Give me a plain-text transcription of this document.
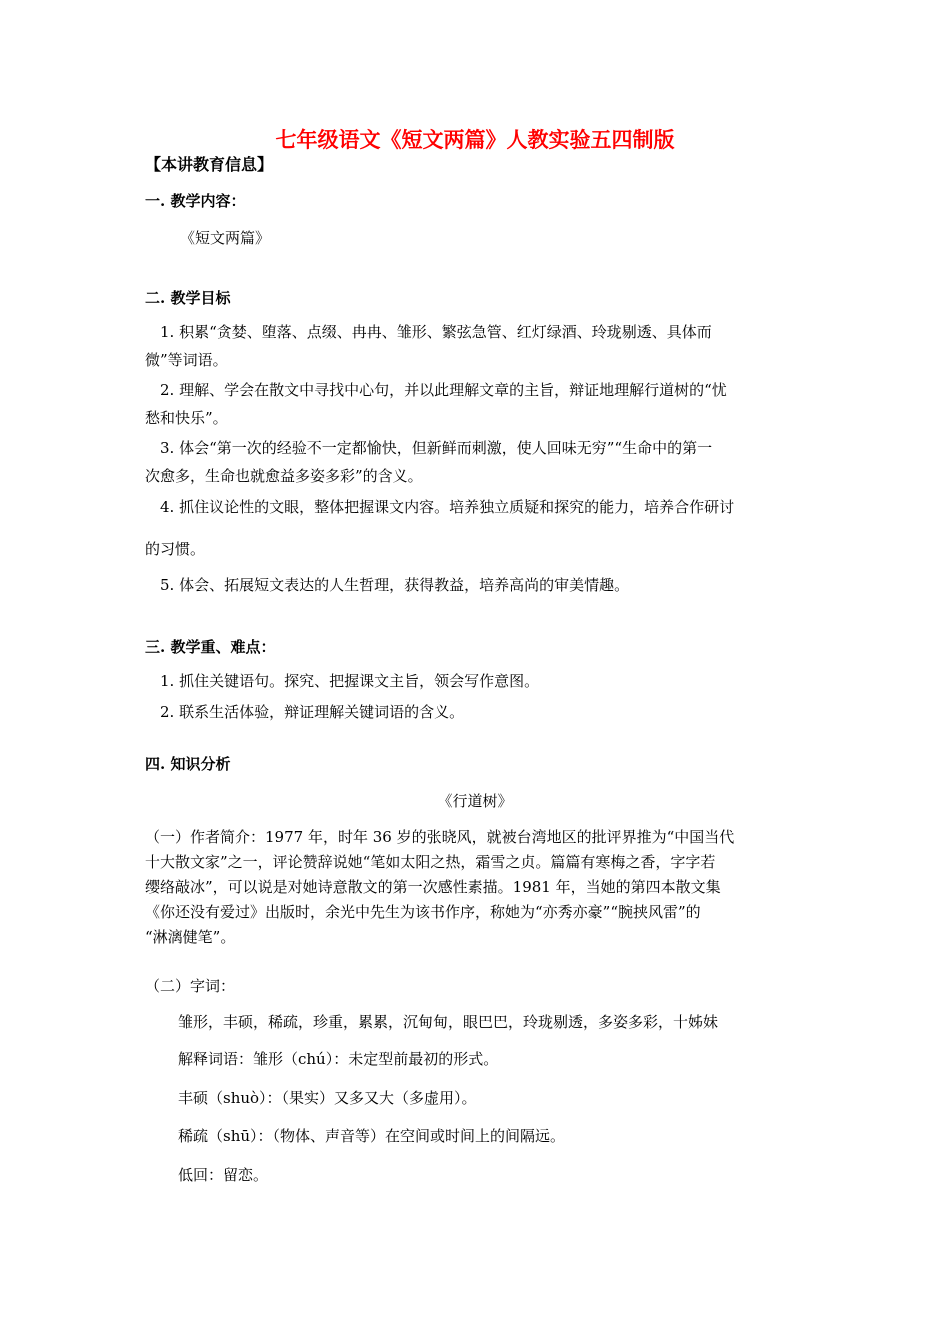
七年级语文《短文两篇》人教实验五四制版
【本讲教育信息】
一. 教学内容：
《短文两篇》
二. 教学目标
1. 积累“贪婪、堕落、点缀、冉冉、雏形、繁弦急管、红灯绿酒、玲珑剔透、具体而
微”等词语。
2. 理解、学会在散文中寻找中心句，并以此理解文章的主旨，辩证地理解行道树的“忧
愁和快乐”。
3. 体会“第一次的经验不一定都愉快，但新鲜而刺激，使人回味无穷”“生命中的第一
次愈多，生命也就愈益多姿多彩”的含义。
4. 抓住议论性的文眼，整体把握课文内容。培养独立质疑和探究的能力，培养合作研讨
的习惯。
5. 体会、拓展短文表达的人生哲理，获得教益，培养高尚的审美情趣。
三. 教学重、难点：
1. 抓住关键语句。探究、把握课文主旨，领会写作意图。
2. 联系生活体验，辩证理解关键词语的含义。
四. 知识分析
《行道树》
（一）作者简介：1977 年，时年 36 岁的张晓风，就被台湾地区的批评界推为“中国当代
十大散文家”之一，评论赞辞说她“笔如太阳之热，霜雪之贞。篇篇有寒梅之香，字字若
缨络敲冰”，可以说是对她诗意散文的第一次感性素描。1981 年，当她的第四本散文集
《你还没有爱过》出版时，余光中先生为该书作序，称她为“亦秀亦豪”“腕挟风雷”的
“淋漓健笔”。
（二）字词：
雏形，丰硕，稀疏，珍重，累累，沉甸甸，眼巴巴，玲珑剔透，多姿多彩，十姊妹
解释词语：雏形（chú）：未定型前最初的形式。
丰硕（shuò）：（果实）又多又大（多虚用）。
稀疏（shū）：（物体、声音等）在空间或时间上的间隔远。
低回：留恋。
